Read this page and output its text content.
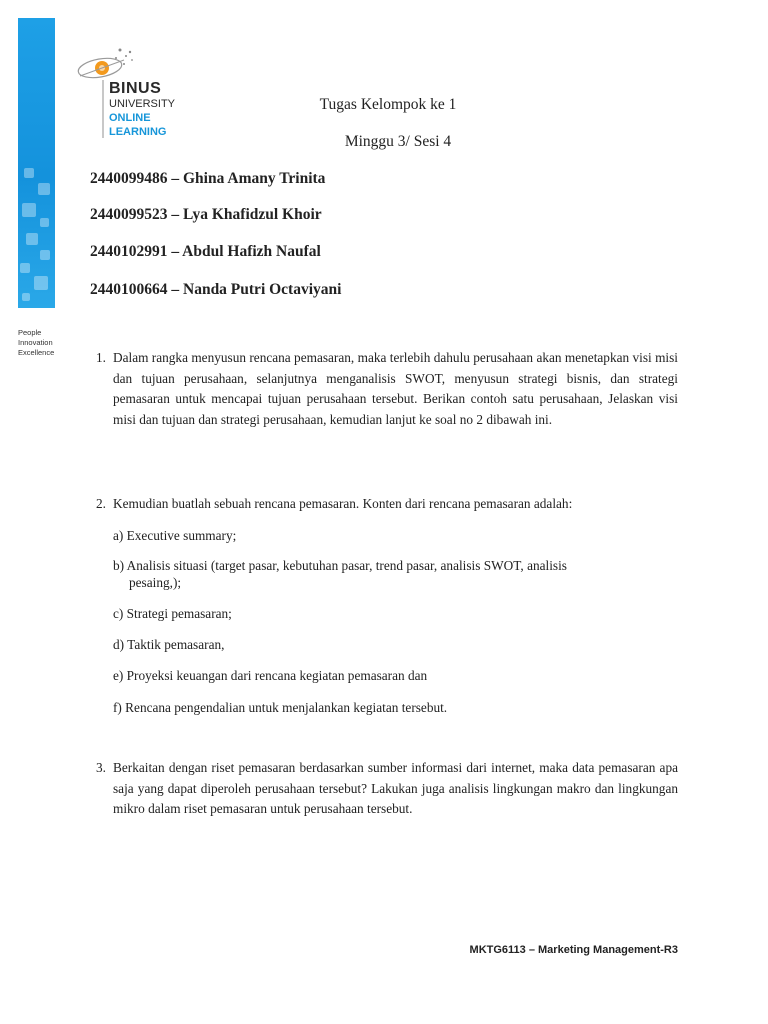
People
Innovation
Excellence
BINUS
UNIVERSITY
ONLINE
LEARNING
Tugas Kelompok ke 1
Minggu 3/ Sesi 4
2440099486 – Ghina Amany Trinita
2440099523 – Lya Khafidzul Khoir
2440102991 – Abdul Hafizh Naufal
2440100664 – Nanda Putri Octaviyani
1. Dalam rangka menyusun rencana pemasaran, maka terlebih dahulu perusahaan akan menetapkan visi misi dan tujuan perusahaan, selanjutnya menganalisis SWOT, menyusun strategi bisnis, dan strategi pemasaran untuk mencapai tujuan perusahaan tersebut. Berikan contoh satu perusahaan, Jelaskan visi misi dan tujuan dan strategi perusahaan, kemudian lanjut ke soal no 2 dibawah ini.
2. Kemudian buatlah sebuah rencana pemasaran. Konten dari rencana pemasaran adalah:
a) Executive summary;
b) Analisis situasi (target pasar, kebutuhan pasar, trend pasar, analisis SWOT, analisis
pesaing,);
c) Strategi pemasaran;
d) Taktik pemasaran,
e) Proyeksi keuangan dari rencana kegiatan pemasaran dan
f) Rencana pengendalian untuk menjalankan kegiatan tersebut.
3. Berkaitan dengan riset pemasaran berdasarkan sumber informasi dari internet, maka data pemasaran apa saja yang dapat diperoleh perusahaan tersebut? Lakukan juga analisis lingkungan makro dan lingkungan mikro dalam riset pemasaran untuk perusahaan tersebut.
MKTG6113 – Marketing Management-R3
